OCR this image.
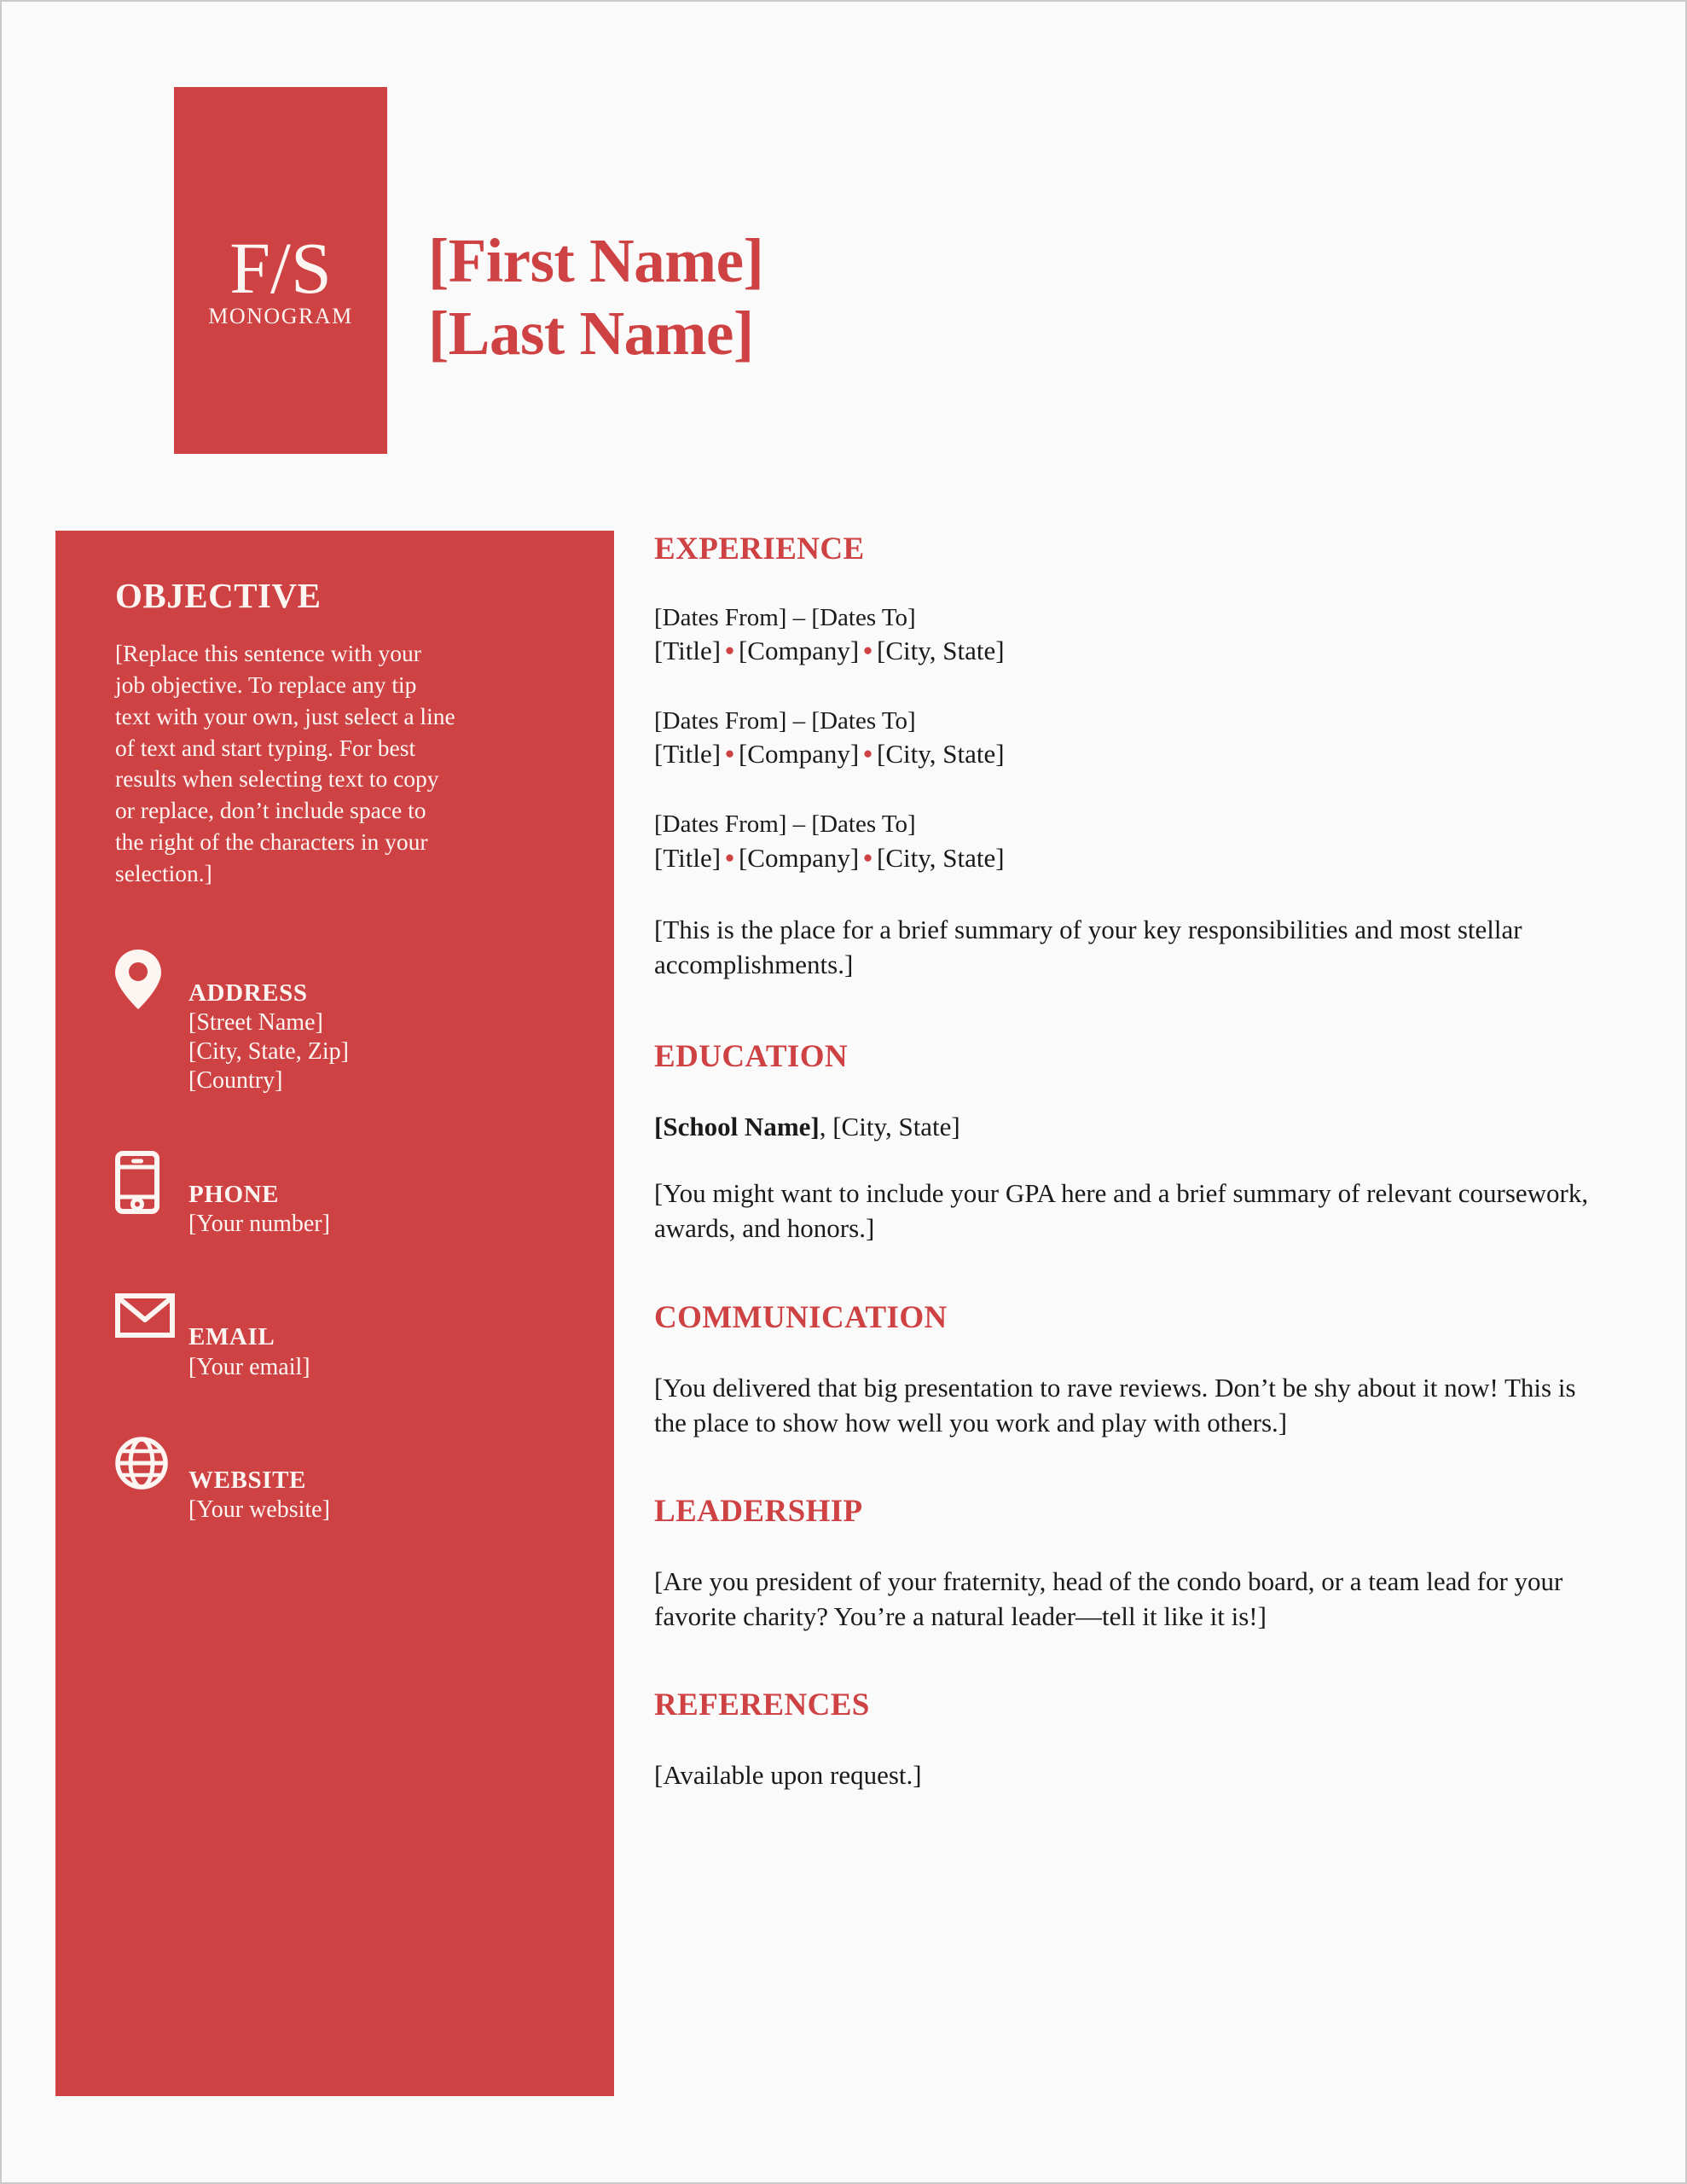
F/S
MONOGRAM
[First Name]
[Last Name]
OBJECTIVE
[Replace this sentence with your job objective. To replace any tip text with your own, just select a line of text and start typing. For best results when selecting text to copy or replace, don’t include space to the right of the characters in your selection.]
ADDRESS
[Street Name]
[City, State, Zip]
[Country]
PHONE
[Your number]
EMAIL
[Your email]
WEBSITE
[Your website]
EXPERIENCE
[Dates From] – [Dates To]
[Title] • [Company] • [City, State]
[Dates From] – [Dates To]
[Title] • [Company] • [City, State]
[Dates From] – [Dates To]
[Title] • [Company] • [City, State]
[This is the place for a brief summary of your key responsibilities and most stellar accomplishments.]
EDUCATION
[School Name], [City, State]
[You might want to include your GPA here and a brief summary of relevant coursework, awards, and honors.]
COMMUNICATION
[You delivered that big presentation to rave reviews. Don’t be shy about it now! This is the place to show how well you work and play with others.]
LEADERSHIP
[Are you president of your fraternity, head of the condo board, or a team lead for your favorite charity? You’re a natural leader—tell it like it is!]
REFERENCES
[Available upon request.]
